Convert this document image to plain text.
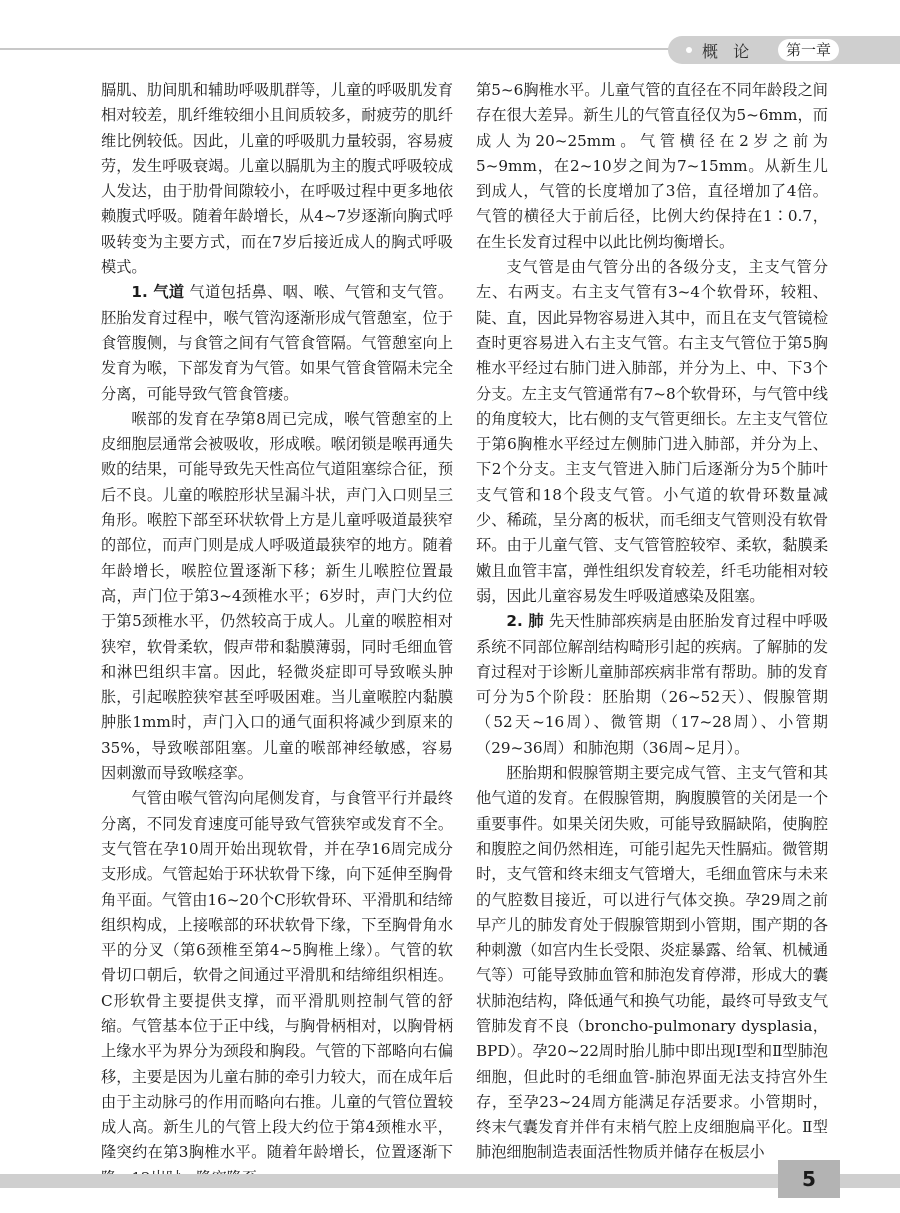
概 论	第一章

膈肌、肋间肌和辅助呼吸肌群等，儿童的呼吸肌发育相对较差，肌纤维较细小且间质较多，耐疲劳的肌纤维比例较低。因此，儿童的呼吸肌力量较弱，容易疲劳，发生呼吸衰竭。儿童以膈肌为主的腹式呼吸较成人发达，由于肋骨间隙较小，在呼吸过程中更多地依赖腹式呼吸。随着年龄增长，从4~7岁逐渐向胸式呼吸转变为主要方式，而在7岁后接近成人的胸式呼吸模式。

1. 气道 气道包括鼻、咽、喉、气管和支气管。胚胎发育过程中，喉气管沟逐渐形成气管憩室，位于食管腹侧，与食管之间有气管食管隔。气管憩室向上发育为喉，下部发育为气管。如果气管食管隔未完全分离，可能导致气管食管瘘。

喉部的发育在孕第8周已完成，喉气管憩室的上皮细胞层通常会被吸收，形成喉。喉闭锁是喉再通失败的结果，可能导致先天性高位气道阻塞综合征，预后不良。儿童的喉腔形状呈漏斗状，声门入口则呈三角形。喉腔下部至环状软骨上方是儿童呼吸道最狭窄的部位，而声门则是成人呼吸道最狭窄的地方。随着年龄增长，喉腔位置逐渐下移；新生儿喉腔位置最高，声门位于第3~4颈椎水平；6岁时，声门大约位于第5颈椎水平，仍然较高于成人。儿童的喉腔相对狭窄，软骨柔软，假声带和黏膜薄弱，同时毛细血管和淋巴组织丰富。因此，轻微炎症即可导致喉头肿胀，引起喉腔狭窄甚至呼吸困难。当儿童喉腔内黏膜肿胀1mm时，声门入口的通气面积将减少到原来的35%，导致喉部阻塞。儿童的喉部神经敏感，容易因刺激而导致喉痉挛。

气管由喉气管沟向尾侧发育，与食管平行并最终分离，不同发育速度可能导致气管狭窄或发育不全。支气管在孕10周开始出现软骨，并在孕16周完成分支形成。气管起始于环状软骨下缘，向下延伸至胸骨角平面。气管由16~20个C形软骨环、平滑肌和结缔组织构成，上接喉部的环状软骨下缘，下至胸骨角水平的分叉（第6颈椎至第4~5胸椎上缘）。气管的软骨切口朝后，软骨之间通过平滑肌和结缔组织相连。C形软骨主要提供支撑，而平滑肌则控制气管的舒缩。气管基本位于正中线，与胸骨柄相对，以胸骨柄上缘水平为界分为颈段和胸段。气管的下部略向右偏移，主要是因为儿童右肺的牵引力较大，而在成年后由于主动脉弓的作用而略向右推。儿童的气管位置较成人高。新生儿的气管上段大约位于第4颈椎水平，隆突约在第3胸椎水平。随着年龄增长，位置逐渐下

第5~6胸椎水平。儿童气管的直径在不同年龄段之间存在很大差异。新生儿的气管直径仅为5~6mm，而成人为20~25mm。气管横径在2岁之前为5~9mm，在2~10岁之间为7~15mm。从新生儿到成人，气管的长度增加了3倍，直径增加了4倍。气管的横径大于前后径，比例大约保持在1∶0.7，在生长发育过程中以此比例均衡增长。

支气管是由气管分出的各级分支，主支气管分左、右两支。右主支气管有3~4个软骨环，较粗、陡、直，因此异物容易进入其中，而且在支气管镜检查时更容易进入右主支气管。右主支气管位于第5胸椎水平经过右肺门进入肺部，并分为上、中、下3个分支。左主支气管通常有7~8个软骨环，与气管中线的角度较大，比右侧的支气管更细长。左主支气管位于第6胸椎水平经过左侧肺门进入肺部，并分为上、下2个分支。主支气管进入肺门后逐渐分为5个肺叶支气管和18个段支气管。小气道的软骨环数量减少、稀疏，呈分离的板状，而毛细支气管则没有软骨环。由于儿童气管、支气管管腔较窄、柔软，黏膜柔嫩且血管丰富，弹性组织发育较差，纤毛功能相对较弱，因此儿童容易发生呼吸道感染及阻塞。

2. 肺 先天性肺部疾病是由胚胎发育过程中呼吸系统不同部位解剖结构畸形引起的疾病。了解肺的发育过程对于诊断儿童肺部疾病非常有帮助。肺的发育可分为5个阶段：胚胎期（26~52天）、假腺管期（52天~16周）、微管期（17~28周）、小管期（29~36周）和肺泡期（36周~足月）。

胚胎期和假腺管期主要完成气管、主支气管和其他气道的发育。在假腺管期，胸腹膜管的关闭是一个重要事件。如果关闭失败，可能导致膈缺陷，使胸腔和腹腔之间仍然相连，可能引起先天性膈疝。微管期时，支气管和终末细支气管增大，毛细血管床与未来的气腔数目接近，可以进行气体交换。孕29周之前早产儿的肺发育处于假腺管期到小管期，围产期的各种刺激（如宫内生长受限、炎症暴露、给氧、机械通气等）可能导致肺血管和肺泡发育停滞，形成大的囊状肺泡结构，降低通气和换气功能，最终可导致支气管肺发育不良（broncho-pulmonary dysplasia，BPD）。孕20~22周时胎儿肺中即出现Ⅰ型和Ⅱ型肺泡细胞，但此时的毛细血管-肺泡界面无法支持宫外生存，至孕23~24周方能满足存活要求。小管期时，终末气囊发育并伴有末梢气腔上皮细胞扁平化。Ⅱ型肺泡细胞制造表面活性物质并储存在板层小

5
